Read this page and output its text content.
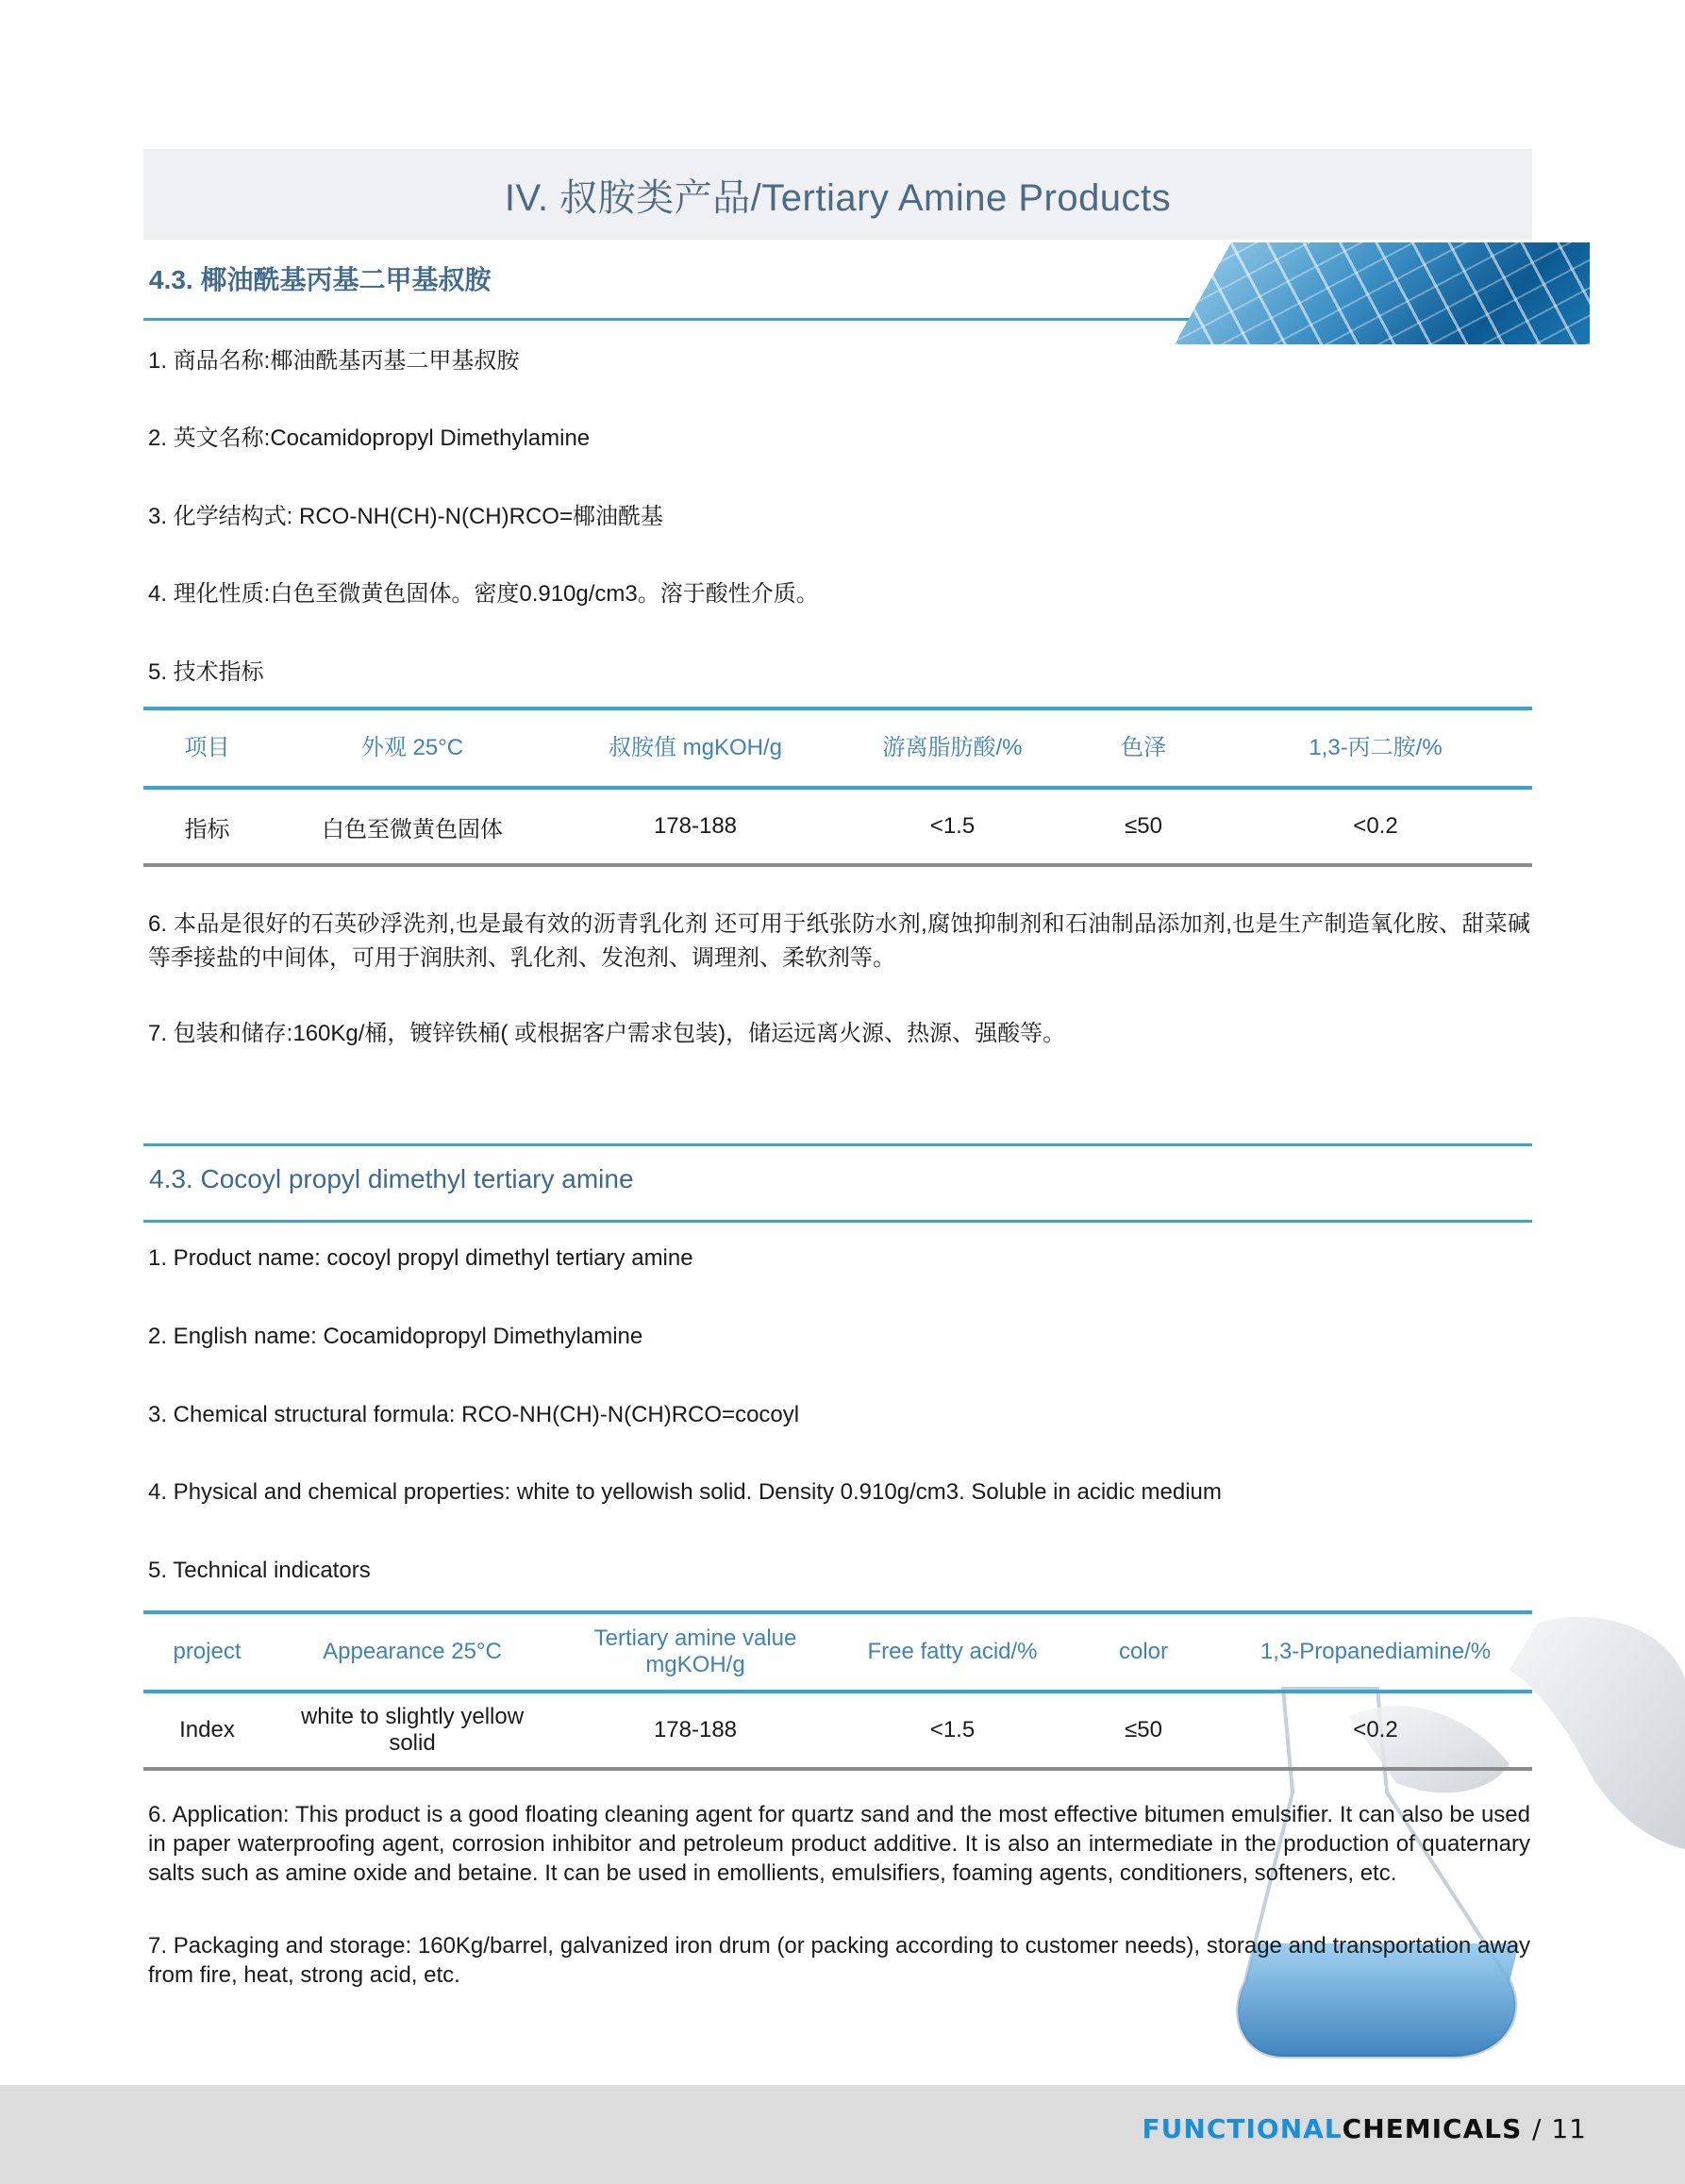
IV. 叔胺类产品/Tertiary Amine Products
4.3. 椰油酰基丙基二甲基叔胺
1. 商品名称:椰油酰基丙基二甲基叔胺
2. 英文名称:Cocamidopropyl Dimethylamine
3. 化学结构式: RCO-NH(CH)-N(CH)RCO=椰油酰基
4. 理化性质:白色至微黄色固体。密度0.910g/cm3。溶于酸性介质。
5. 技术指标
项目	外观 25°C	叔胺值 mgKOH/g	游离脂肪酸/%	色泽	1,3-丙二胺/%
指标	白色至微黄色固体	178-188	<1.5	≤50	<0.2
6. 本品是很好的石英砂浮洗剂,也是最有效的沥青乳化剂 还可用于纸张防水剂,腐蚀抑制剂和石油制品添加剂,也是生产制造氧化胺、甜菜碱等季接盐的中间体，可用于润肤剂、乳化剂、发泡剂、调理剂、柔软剂等。
7. 包装和储存:160Kg/桶，镀锌铁桶( 或根据客户需求包装)，储运远离火源、热源、强酸等。
4.3. Cocoyl propyl dimethyl tertiary amine
1. Product name: cocoyl propyl dimethyl tertiary amine
2. English name: Cocamidopropyl Dimethylamine
3. Chemical structural formula: RCO-NH(CH)-N(CH)RCO=cocoyl
4. Physical and chemical properties: white to yellowish solid. Density 0.910g/cm3. Soluble in acidic medium
5. Technical indicators
project	Appearance 25°C	Tertiary amine value mgKOH/g	Free fatty acid/%	color	1,3-Propanediamine/%
Index	white to slightly yellow solid	178-188	<1.5	≤50	<0.2
6. Application: This product is a good floating cleaning agent for quartz sand and the most effective bitumen emulsifier. It can also be used in paper waterproofing agent, corrosion inhibitor and petroleum product additive. It is also an intermediate in the production of quaternary salts such as amine oxide and betaine. It can be used in emollients, emulsifiers, foaming agents, conditioners, softeners, etc.
7. Packaging and storage: 160Kg/barrel, galvanized iron drum (or packing according to customer needs), storage and transportation away from fire, heat, strong acid, etc.
FUNCTIONALCHEMICALS / 11
